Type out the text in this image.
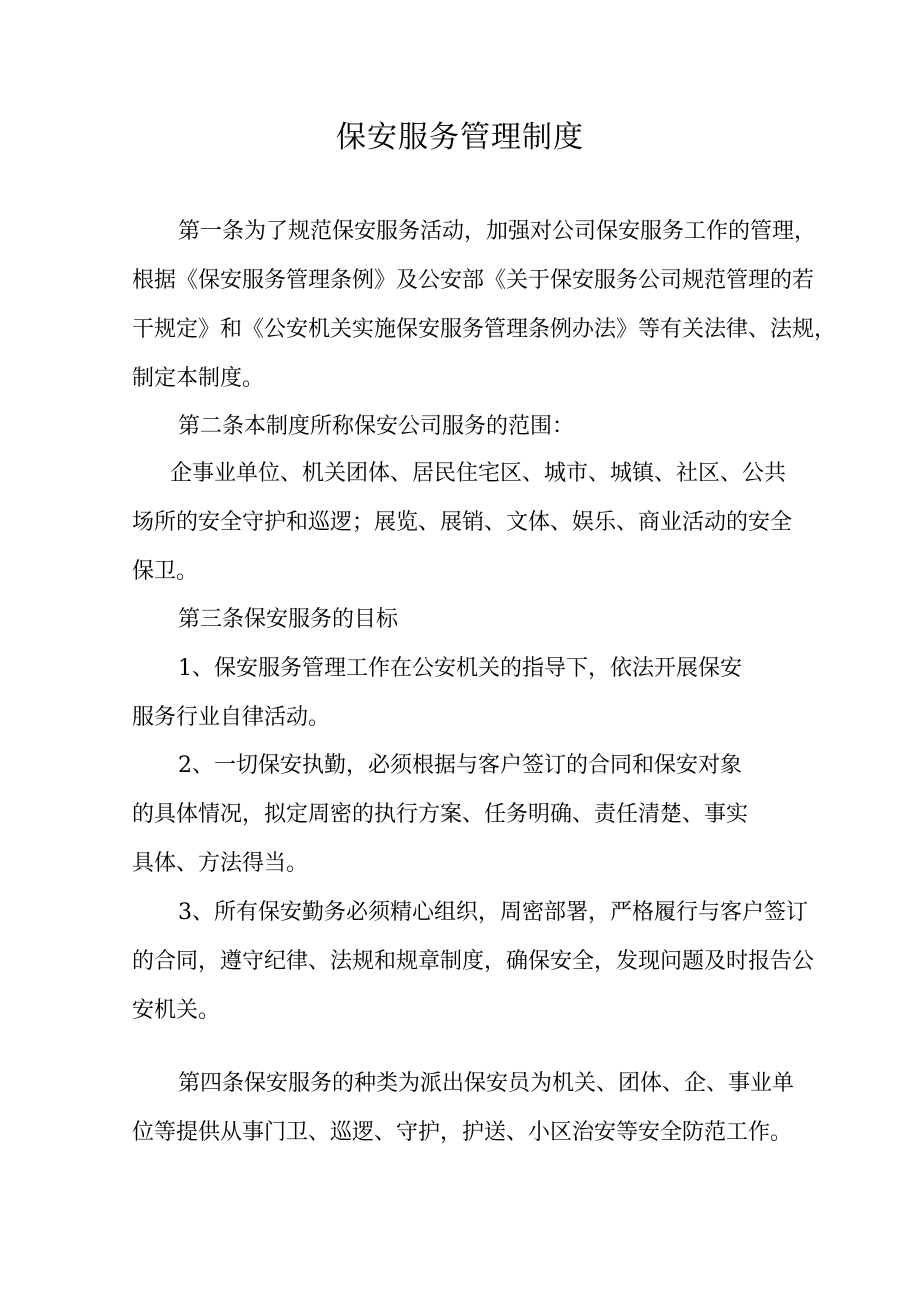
保安服务管理制度
第一条为了规范保安服务活动，加强对公司保安服务工作的管理，
根据《保安服务管理条例》及公安部《关于保安服务公司规范管理的若
干规定》和《公安机关实施保安服务管理条例办法》等有关法律、法规，
制定本制度。
第二条本制度所称保安公司服务的范围：
企事业单位、机关团体、居民住宅区、城市、城镇、社区、公共
场所的安全守护和巡逻；展览、展销、文体、娱乐、商业活动的安全
保卫。
第三条保安服务的目标
1、保安服务管理工作在公安机关的指导下，依法开展保安
服务行业自律活动。
2、一切保安执勤，必须根据与客户签订的合同和保安对象
的具体情况，拟定周密的执行方案、任务明确、责任清楚、事实
具体、方法得当。
3、所有保安勤务必须精心组织，周密部署，严格履行与客户签订
的合同，遵守纪律、法规和规章制度，确保安全，发现问题及时报告公
安机关。
第四条保安服务的种类为派出保安员为机关、团体、企、事业单
位等提供从事门卫、巡逻、守护，护送、小区治安等安全防范工作。
